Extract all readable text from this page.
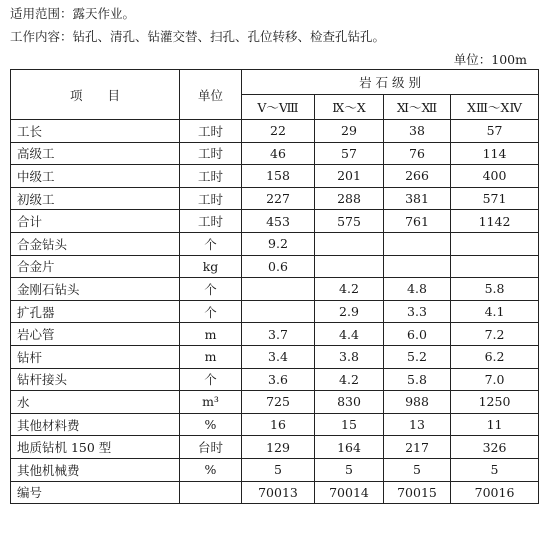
适用范围：露天作业。
工作内容：钻孔、清孔、钻灌交替、扫孔、孔位转移、检查孔钻孔。
单位：100m
项　　目	单位	岩 石 级 别			
		Ⅴ～Ⅷ	Ⅸ～Ⅹ	Ⅺ～Ⅻ	ⅩⅢ～ⅩⅣ
工长	工时	22	29	38	57
高级工	工时	46	57	76	114
中级工	工时	158	201	266	400
初级工	工时	227	288	381	571
合计	工时	453	575	761	1142
合金钻头	个	9.2			
合金片	kg	0.6			
金刚石钻头	个		4.2	4.8	5.8
扩孔器	个		2.9	3.3	4.1
岩心管	m	3.7	4.4	6.0	7.2
钻杆	m	3.4	3.8	5.2	6.2
钻杆接头	个	3.6	4.2	5.8	7.0
水	m³	725	830	988	1250
其他材料费	%	16	15	13	11
地质钻机 150 型	台时	129	164	217	326
其他机械费	%	5	5	5	5
编号		70013	70014	70015	70016
